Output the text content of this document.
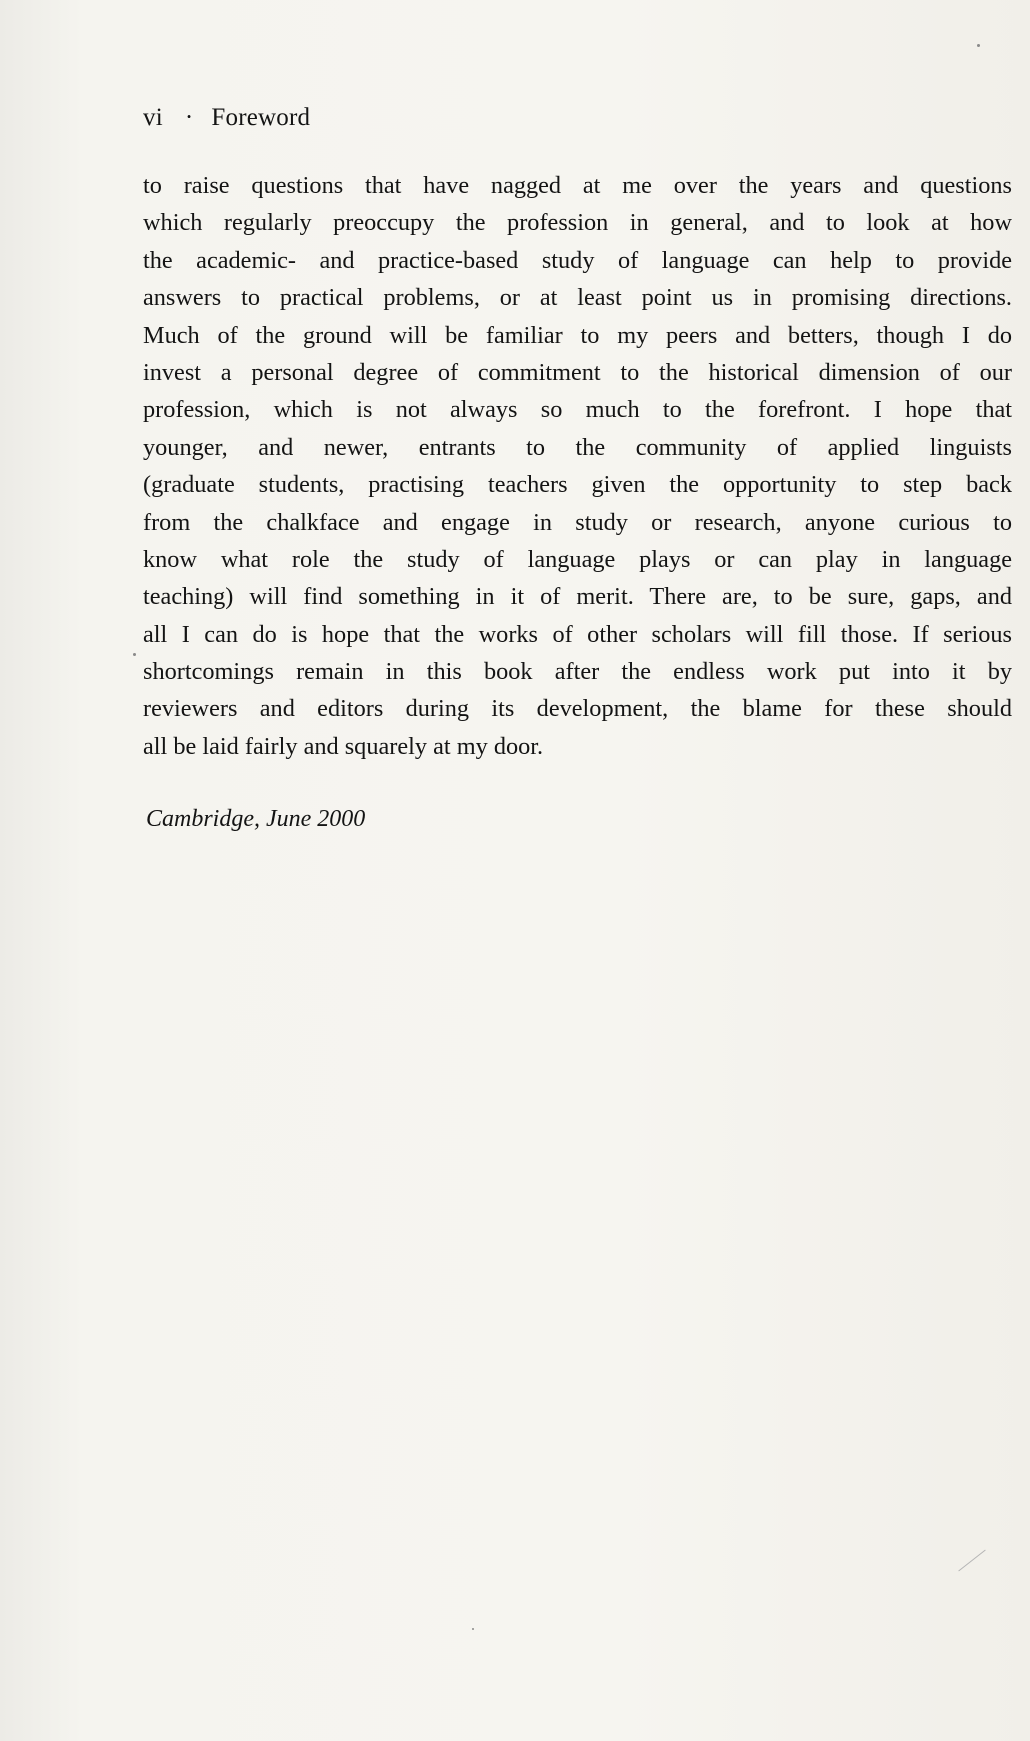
vi · Foreword
to raise questions that have nagged at me over the years and questions
which regularly preoccupy the profession in general, and to look at how
the academic- and practice-based study of language can help to provide
answers to practical problems, or at least point us in promising directions.
Much of the ground will be familiar to my peers and betters, though I do
invest a personal degree of commitment to the historical dimension of our
profession, which is not always so much to the forefront. I hope that
younger, and newer, entrants to the community of applied linguists
(graduate students, practising teachers given the opportunity to step back
from the chalkface and engage in study or research, anyone curious to
know what role the study of language plays or can play in language
teaching) will find something in it of merit. There are, to be sure, gaps, and
all I can do is hope that the works of other scholars will fill those. If serious
shortcomings remain in this book after the endless work put into it by
reviewers and editors during its development, the blame for these should
all be laid fairly and squarely at my door.
Cambridge, June 2000
